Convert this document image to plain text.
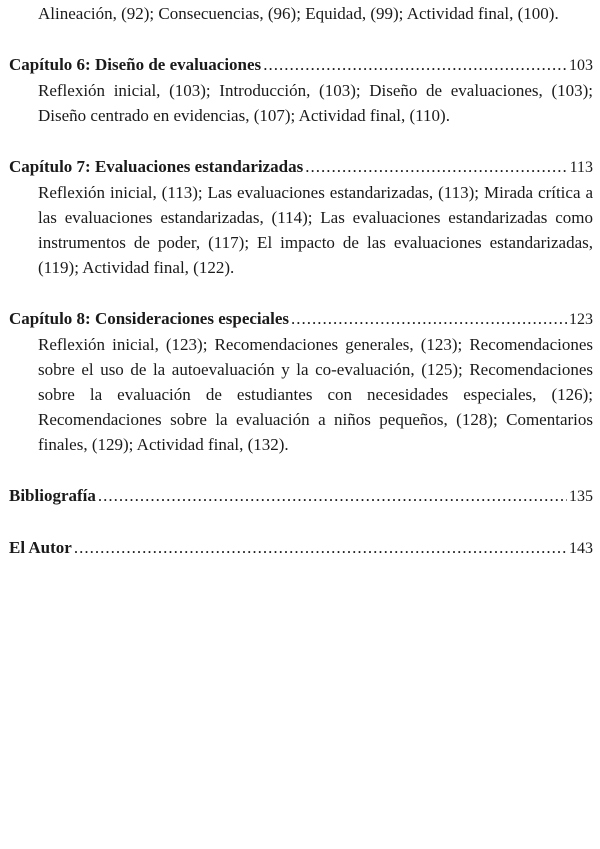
Alineación, (92); Consecuencias, (96); Equidad, (99); Actividad final, (100).

Capítulo 6: Diseño de evaluaciones .....	103

Reflexión inicial, (103); Introducción, (103); Diseño de evaluaciones, (103); Diseño centrado en evidencias, (107); Actividad final, (110).

Capítulo 7: Evaluaciones estandarizadas .....	113

Reflexión inicial, (113); Las evaluaciones estandarizadas, (113); Mirada crítica a las evaluaciones estandarizadas, (114); Las evaluaciones estandarizadas como instrumentos de poder, (117); El impacto de las evaluaciones estandarizadas, (119); Actividad final, (122).

Capítulo 8: Consideraciones especiales .....	123

Reflexión inicial, (123); Recomendaciones generales, (123); Recomendaciones sobre el uso de la autoevaluación y la co-evaluación, (125); Recomendaciones sobre la evaluación de estudiantes con necesidades especiales, (126); Recomendaciones sobre la evaluación a niños pequeños, (128); Comentarios finales, (129); Actividad final, (132).

Bibliografía .....	135
El Autor .....	143
